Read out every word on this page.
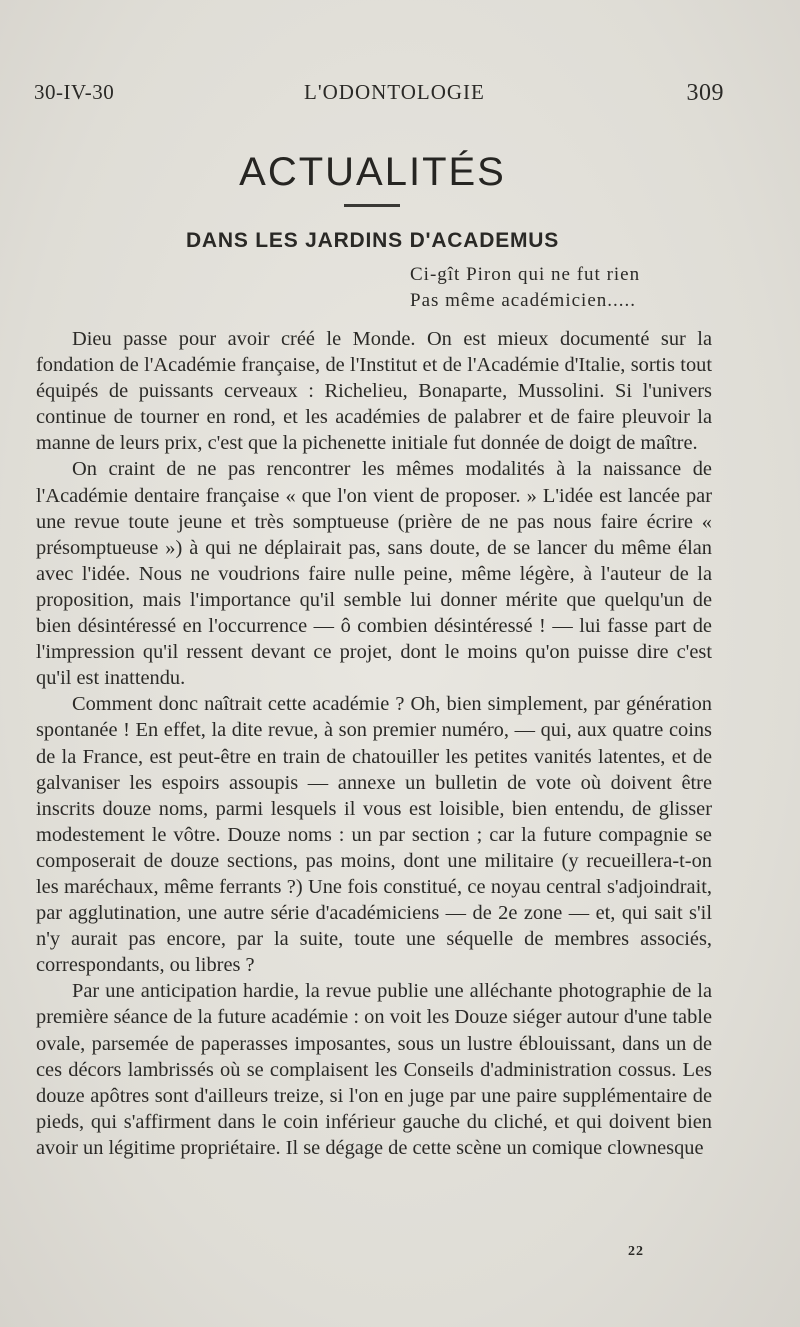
30-IV-30	L'ODONTOLOGIE	309
ACTUALITÉS
DANS LES JARDINS D'ACADEMUS
Ci-gît Piron qui ne fut rien
Pas même académicien.....

Dieu passe pour avoir créé le Monde. On est mieux documenté sur la fondation de l'Académie française, de l'Institut et de l'Académie d'Italie, sortis tout équipés de puissants cerveaux : Richelieu, Bonaparte, Mussolini. Si l'univers continue de tourner en rond, et les académies de palabrer et de faire pleuvoir la manne de leurs prix, c'est que la pichenette initiale fut donnée de doigt de maître.

On craint de ne pas rencontrer les mêmes modalités à la naissance de l'Académie dentaire française « que l'on vient de proposer. » L'idée est lancée par une revue toute jeune et très somptueuse (prière de ne pas nous faire écrire « présomptueuse ») à qui ne déplairait pas, sans doute, de se lancer du même élan avec l'idée. Nous ne voudrions faire nulle peine, même légère, à l'auteur de la proposition, mais l'importance qu'il semble lui donner mérite que quelqu'un de bien désintéressé en l'occurrence — ô combien désintéressé ! — lui fasse part de l'impression qu'il ressent devant ce projet, dont le moins qu'on puisse dire c'est qu'il est inattendu.

Comment donc naîtrait cette académie ? Oh, bien simplement, par génération spontanée ! En effet, la dite revue, à son premier numéro, — qui, aux quatre coins de la France, est peut-être en train de chatouiller les petites vanités latentes, et de galvaniser les espoirs assoupis — annexe un bulletin de vote où doivent être inscrits douze noms, parmi lesquels il vous est loisible, bien entendu, de glisser modestement le vôtre. Douze noms : un par section ; car la future compagnie se composerait de douze sections, pas moins, dont une militaire (y recueillera-t-on les maréchaux, même ferrants ?) Une fois constitué, ce noyau central s'adjoindrait, par agglutination, une autre série d'académiciens — de 2e zone — et, qui sait s'il n'y aurait pas encore, par la suite, toute une séquelle de membres associés, correspondants, ou libres ?

Par une anticipation hardie, la revue publie une alléchante photographie de la première séance de la future académie : on voit les Douze siéger autour d'une table ovale, parsemée de paperasses imposantes, sous un lustre éblouissant, dans un de ces décors lambrissés où se complaisent les Conseils d'administration cossus. Les douze apôtres sont d'ailleurs treize, si l'on en juge par une paire supplémentaire de pieds, qui s'affirment dans le coin inférieur gauche du cliché, et qui doivent bien avoir un légitime propriétaire. Il se dégage de cette scène un comique clownesque

22
